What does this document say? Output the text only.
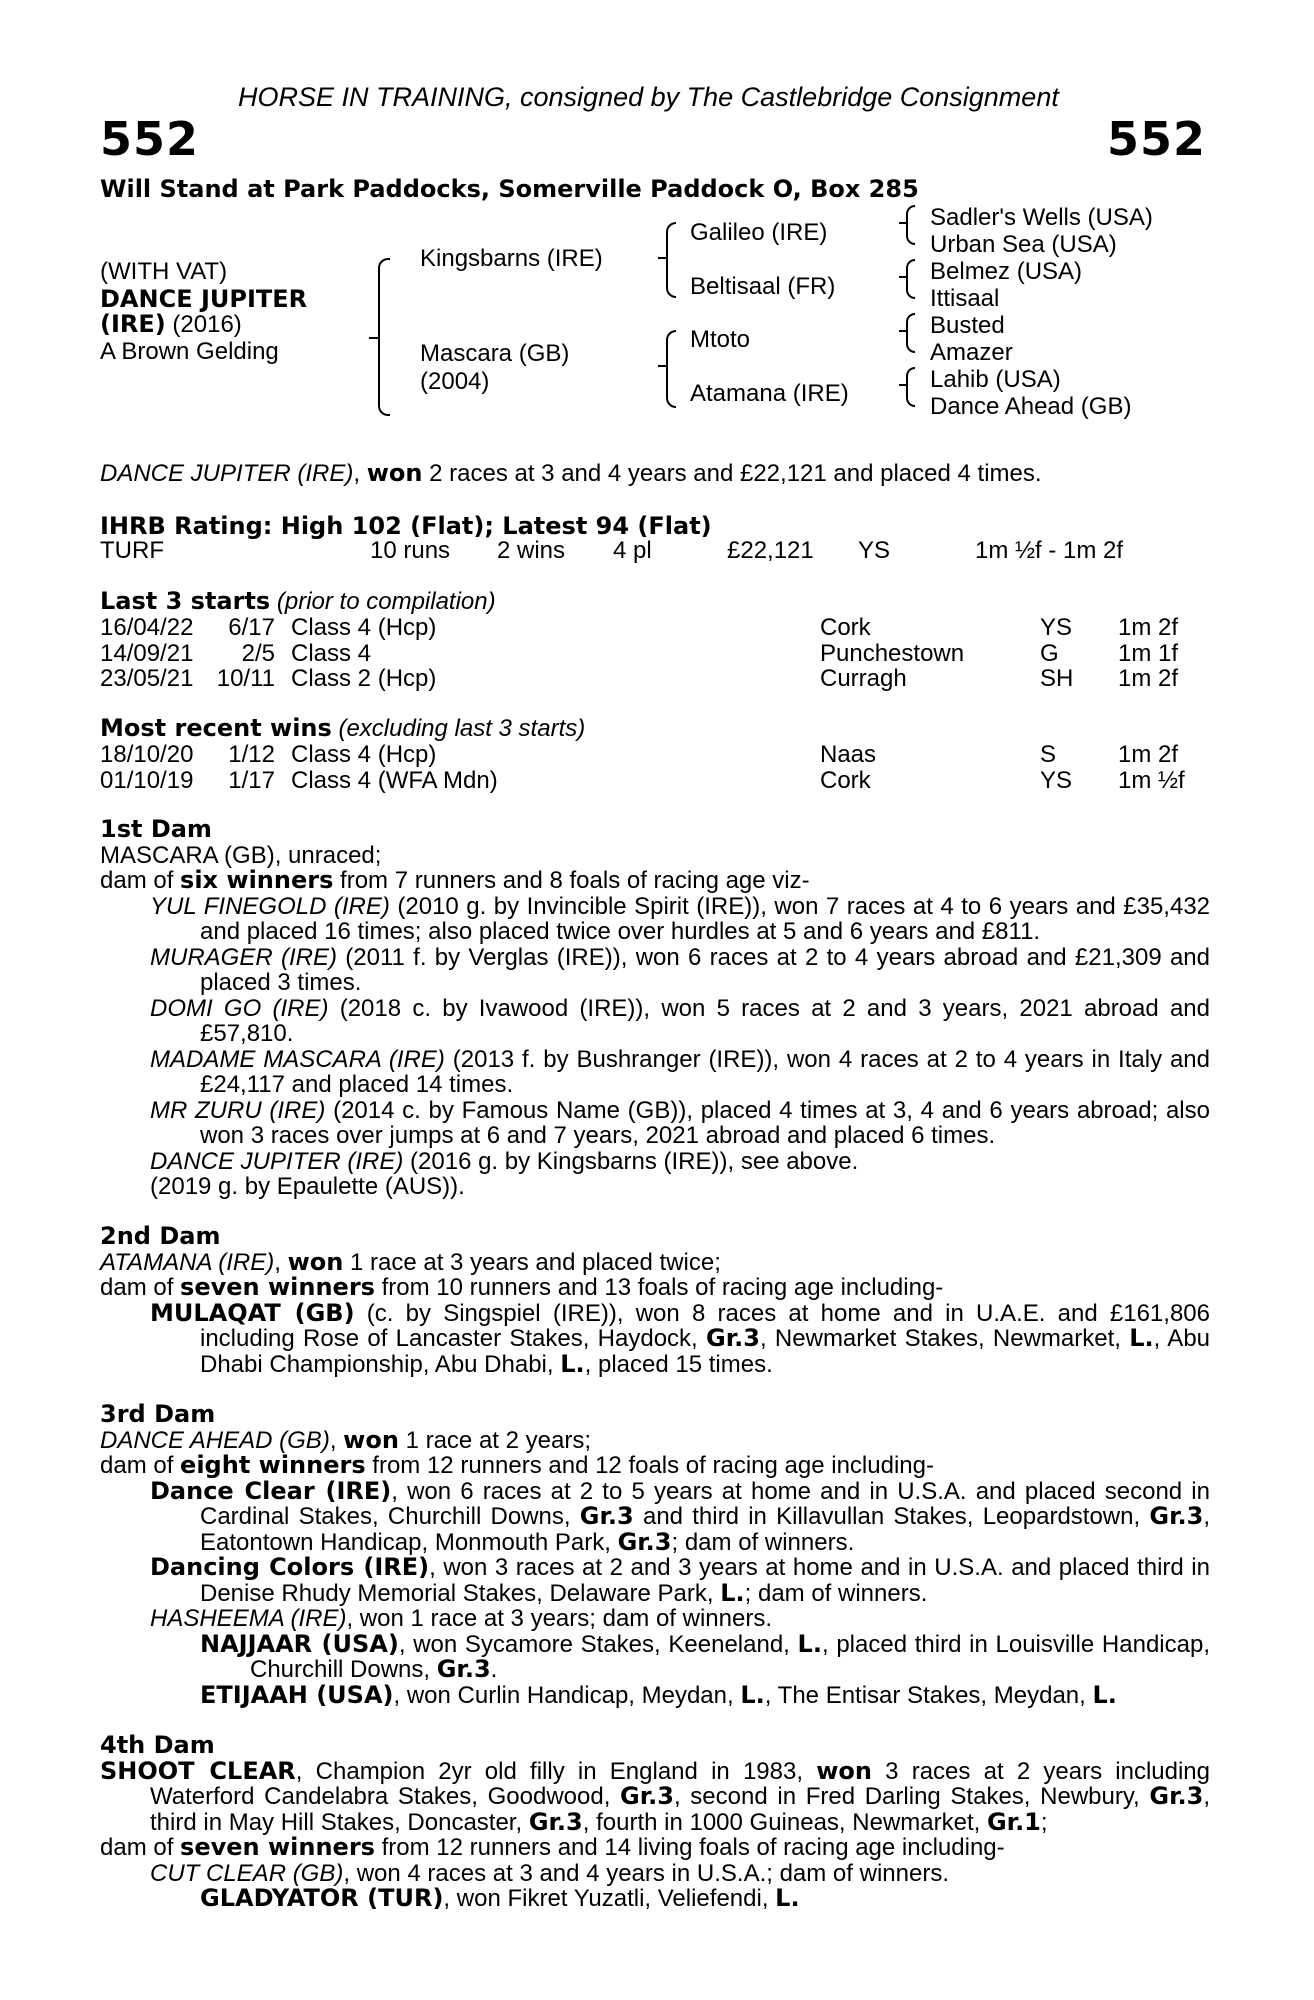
HORSE IN TRAINING, consigned by The Castlebridge Consignment
552	552
Will Stand at Park Paddocks, Somerville Paddock O, Box 285
(WITH VAT)
DANCE JUPITER
(IRE) (2016)
A Brown Gelding
Kingsbarns (IRE)
Mascara (GB)
(2004)
Galileo (IRE)
Beltisaal (FR)
Mtoto
Atamana (IRE)
Sadler's Wells (USA)
Urban Sea (USA)
Belmez (USA)
Ittisaal
Busted
Amazer
Lahib (USA)
Dance Ahead (GB)
DANCE JUPITER (IRE), won 2 races at 3 and 4 years and £22,121 and placed 4 times.
IHRB Rating: High 102 (Flat); Latest 94 (Flat)
TURF	10 runs 2 wins 4 pl	£22,121 YS	1m ½f - 1m 2f
Last 3 starts (prior to compilation)
16/04/22 6/17 Class 4 (Hcp)	Cork	YS 1m 2f
14/09/21 2/5 Class 4	Punchestown	G 1m 1f
23/05/21 10/11 Class 2 (Hcp)	Curragh	SH 1m 2f
Most recent wins (excluding last 3 starts)
18/10/20 1/12 Class 4 (Hcp)	Naas	S	1m 2f
01/10/19 1/17 Class 4 (WFA Mdn)	Cork	YS 1m ½f

1st Dam

MASCARA (GB), unraced;

dam of six winners from 7 runners and 8 foals of racing age viz-

YUL FINEGOLD (IRE) (2010 g. by Invincible Spirit (IRE)), won 7 races at 4 to 6 years and £35,432 and placed 16 times; also placed twice over hurdles at 5 and 6 years and £811.

MURAGER (IRE) (2011 f. by Verglas (IRE)), won 6 races at 2 to 4 years abroad and £21,309 and placed 3 times.

DOMI GO (IRE) (2018 c. by Ivawood (IRE)), won 5 races at 2 and 3 years, 2021 abroad and £57,810.

MADAME MASCARA (IRE) (2013 f. by Bushranger (IRE)), won 4 races at 2 to 4 years in Italy and £24,117 and placed 14 times.

MR ZURU (IRE) (2014 c. by Famous Name (GB)), placed 4 times at 3, 4 and 6 years abroad; also won 3 races over jumps at 6 and 7 years, 2021 abroad and placed 6 times.

DANCE JUPITER (IRE) (2016 g. by Kingsbarns (IRE)), see above.

(2019 g. by Epaulette (AUS)).

2nd Dam

ATAMANA (IRE), won 1 race at 3 years and placed twice;

dam of seven winners from 10 runners and 13 foals of racing age including-

MULAQAT (GB) (c. by Singspiel (IRE)), won 8 races at home and in U.A.E. and £161,806 including Rose of Lancaster Stakes, Haydock, Gr.3, Newmarket Stakes, Newmarket, L., Abu Dhabi Championship, Abu Dhabi, L., placed 15 times.

3rd Dam

DANCE AHEAD (GB), won 1 race at 2 years;

dam of eight winners from 12 runners and 12 foals of racing age including-

Dance Clear (IRE), won 6 races at 2 to 5 years at home and in U.S.A. and placed second in Cardinal Stakes, Churchill Downs, Gr.3 and third in Killavullan Stakes, Leopardstown, Gr.3, Eatontown Handicap, Monmouth Park, Gr.3; dam of winners.

Dancing Colors (IRE), won 3 races at 2 and 3 years at home and in U.S.A. and placed third in Denise Rhudy Memorial Stakes, Delaware Park, L.; dam of winners.

HASHEEMA (IRE), won 1 race at 3 years; dam of winners.

NAJJAAR (USA), won Sycamore Stakes, Keeneland, L., placed third in Louisville Handicap, Churchill Downs, Gr.3.

ETIJAAH (USA), won Curlin Handicap, Meydan, L., The Entisar Stakes, Meydan, L.

4th Dam

SHOOT CLEAR, Champion 2yr old filly in England in 1983, won 3 races at 2 years including Waterford Candelabra Stakes, Goodwood, Gr.3, second in Fred Darling Stakes, Newbury, Gr.3, third in May Hill Stakes, Doncaster, Gr.3, fourth in 1000 Guineas, Newmarket, Gr.1;

dam of seven winners from 12 runners and 14 living foals of racing age including-

CUT CLEAR (GB), won 4 races at 3 and 4 years in U.S.A.; dam of winners.

GLADYATOR (TUR), won Fikret Yuzatli, Veliefendi, L.
